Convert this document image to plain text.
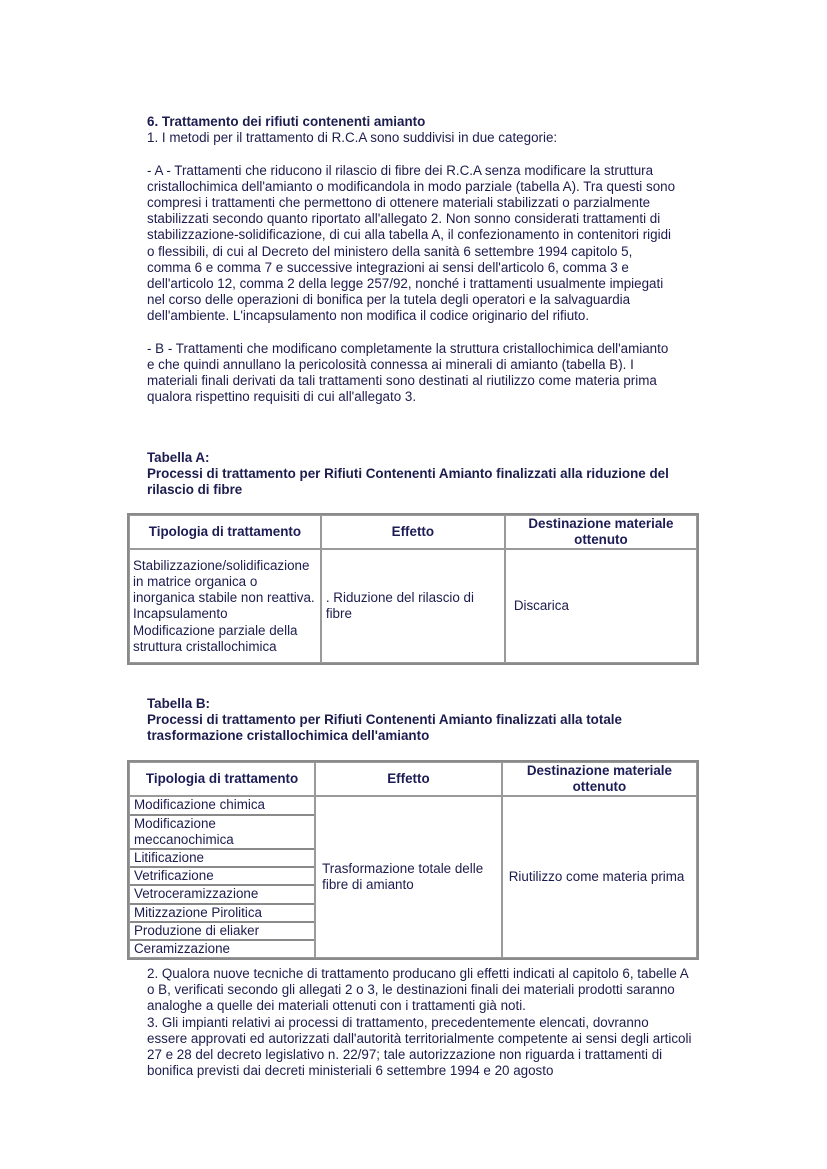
6. Trattamento dei rifiuti contenenti amianto

1. I metodi per il trattamento di R.C.A sono suddivisi in due categorie:

- A - Trattamenti che riducono il rilascio di fibre dei R.C.A senza modificare la struttura cristallochimica dell'amianto o modificandola in modo parziale (tabella A). Tra questi sono compresi i trattamenti che permettono di ottenere materiali stabilizzati o parzialmente stabilizzati secondo quanto riportato all'allegato 2. Non sonno considerati trattamenti di stabilizzazione-solidificazione, di cui alla tabella A, il confezionamento in contenitori rigidi o flessibili, di cui al Decreto del ministero della sanità 6 settembre 1994 capitolo 5, comma 6 e comma 7 e successive integrazioni ai sensi dell'articolo 6, comma 3 e dell'articolo 12, comma 2 della legge 257/92, nonché i trattamenti usualmente impiegati nel corso delle operazioni di bonifica per la tutela degli operatori e la salvaguardia dell'ambiente. L'incapsulamento non modifica il codice originario del rifiuto.

- B - Trattamenti che modificano completamente la struttura cristallochimica dell'amianto e che quindi annullano la pericolosità connessa ai minerali di amianto (tabella B). I materiali finali derivati da tali trattamenti sono destinati al riutilizzo come materia prima qualora rispettino requisiti di cui all'allegato 3.

Tabella A:

Processi di trattamento per Rifiuti Contenenti Amianto finalizzati alla riduzione del rilascio di fibre

Tipologia di trattamento	Effetto	Destinazione materiale ottenuto

Stabilizzazione/solidificazione in matrice organica o inorganica stabile non reattiva.
Incapsulamento
Modificazione parziale della struttura cristallochimica	. Riduzione del rilascio di fibre	Discarica

Tabella B:

Processi di trattamento per Rifiuti Contenenti Amianto finalizzati alla totale trasformazione cristallochimica dell'amianto

Tipologia di trattamento	Effetto	Destinazione materiale ottenuto

Modificazione chimica
Modificazione meccanochimica
Litificazione
Vetrificazione
Vetroceramizzazione
Mitizzazione Pirolitica
Produzione di eliaker
Ceramizzazione
	Trasformazione totale delle fibre di amianto	Riutilizzo come materia prima

2. Qualora nuove tecniche di trattamento producano gli effetti indicati al capitolo 6, tabelle A o B, verificati secondo gli allegati 2 o 3, le destinazioni finali dei materiali prodotti saranno analoghe a quelle dei materiali ottenuti con i trattamenti già noti.

3. Gli impianti relativi ai processi di trattamento, precedentemente elencati, dovranno essere approvati ed autorizzati dall'autorità territorialmente competente ai sensi degli articoli 27 e 28 del decreto legislativo n. 22/97; tale autorizzazione non riguarda i trattamenti di bonifica previsti dai decreti ministeriali 6 settembre 1994 e 20 agosto
